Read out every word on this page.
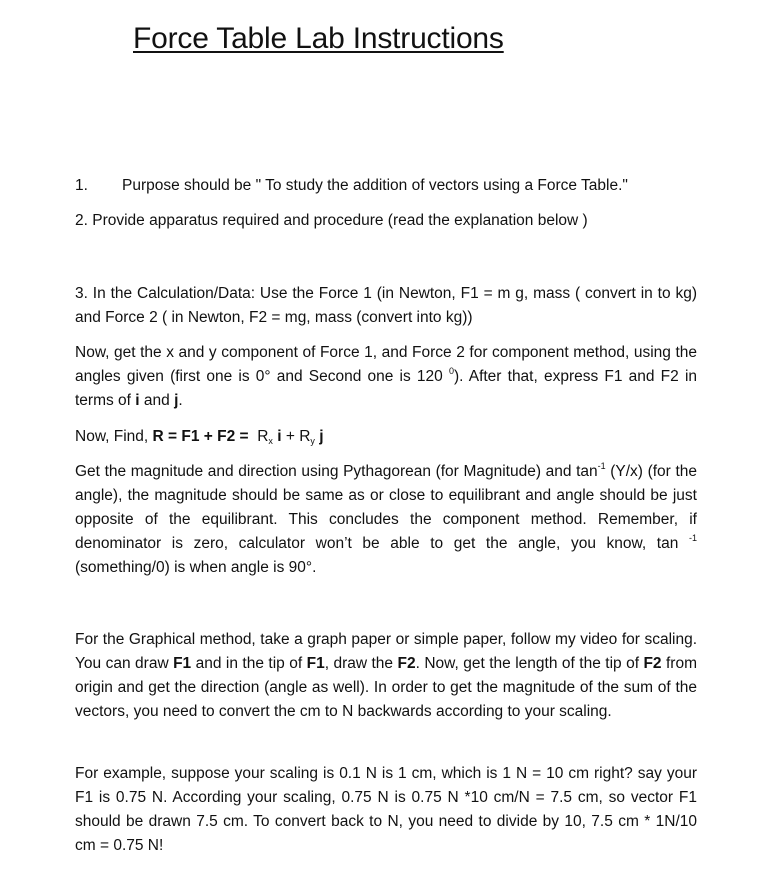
Force Table Lab Instructions

1. Purpose should be " To study the addition of vectors using a Force Table."

2. Provide apparatus required and procedure (read the explanation below )

3. In the Calculation/Data: Use the Force 1 (in Newton, F1 = m g, mass ( convert in to kg) and Force 2 ( in Newton, F2 = mg, mass (convert into kg))

Now, get the x and y component of Force 1, and Force 2 for component method, using the angles given (first one is 0° and Second one is 120 $^0$). After that, express F1 and F2 in terms of i and j.

Now, Find, $R = F1 + F2 = R_x$ $i + R_y$ j

Get the magnitude and direction using Pythagorean (for Magnitude) and $\tan^{-1} (Y/x)$ (for the angle), the magnitude should be same as or close to equilibrant and angle should be just opposite of the equilibrant. This concludes the component method. Remember, if denominator is zero, calculator won’t be able to get the angle, you know, tan $^{-1}$ (something/0) is when angle is 90°.

For the Graphical method, take a graph paper or simple paper, follow my video for scaling. You can draw F1 and in the tip of F1, draw the F2. Now, get the length of the tip of F2 from origin and get the direction (angle as well). In order to get the magnitude of the sum of the vectors, you need to convert the cm to N backwards according to your scaling.

For example, suppose your scaling is 0.1 N is 1 cm, which is 1 N = 10 cm right? say your F1 is 0.75 N. According your scaling, 0.75 N is 0.75 N *10 cm/N = 7.5 cm, so vector F1 should be drawn 7.5 cm. To convert back to N, you need to divide by 10, 7.5 cm * 1N/10 cm = 0.75 N!
